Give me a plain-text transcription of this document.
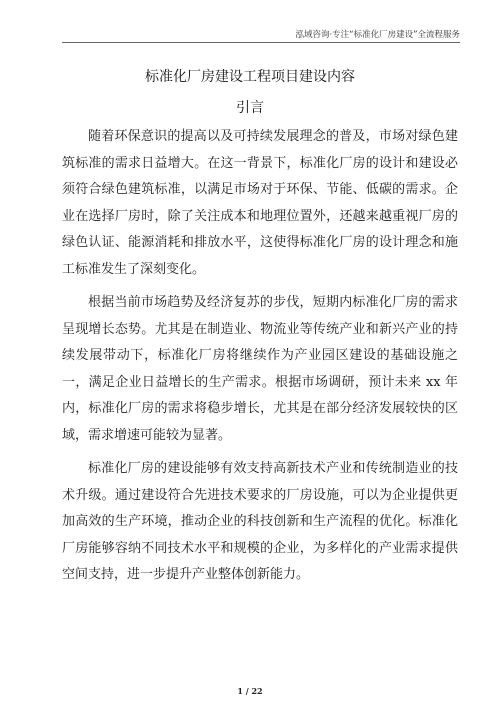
泓域咨询·专注“标准化厂房建设”全流程服务
标准化厂房建设工程项目建设内容
引言

随着环保意识的提高以及可持续发展理念的普及，市场对绿色建筑标准的需求日益增大。在这一背景下，标准化厂房的设计和建设必须符合绿色建筑标准，以满足市场对于环保、节能、低碳的需求。企业在选择厂房时，除了关注成本和地理位置外，还越来越重视厂房的绿色认证、能源消耗和排放水平，这使得标准化厂房的设计理念和施工标准发生了深刻变化。

根据当前市场趋势及经济复苏的步伐，短期内标准化厂房的需求呈现增长态势。尤其是在制造业、物流业等传统产业和新兴产业的持续发展带动下，标准化厂房将继续作为产业园区建设的基础设施之一，满足企业日益增长的生产需求。根据市场调研，预计未来 xx 年内，标准化厂房的需求将稳步增长，尤其是在部分经济发展较快的区域，需求增速可能较为显著。

标准化厂房的建设能够有效支持高新技术产业和传统制造业的技术升级。通过建设符合先进技术要求的厂房设施，可以为企业提供更加高效的生产环境，推动企业的科技创新和生产流程的优化。标准化厂房能够容纳不同技术水平和规模的企业，为多样化的产业需求提供空间支持，进一步提升产业整体创新能力。

1 / 22
